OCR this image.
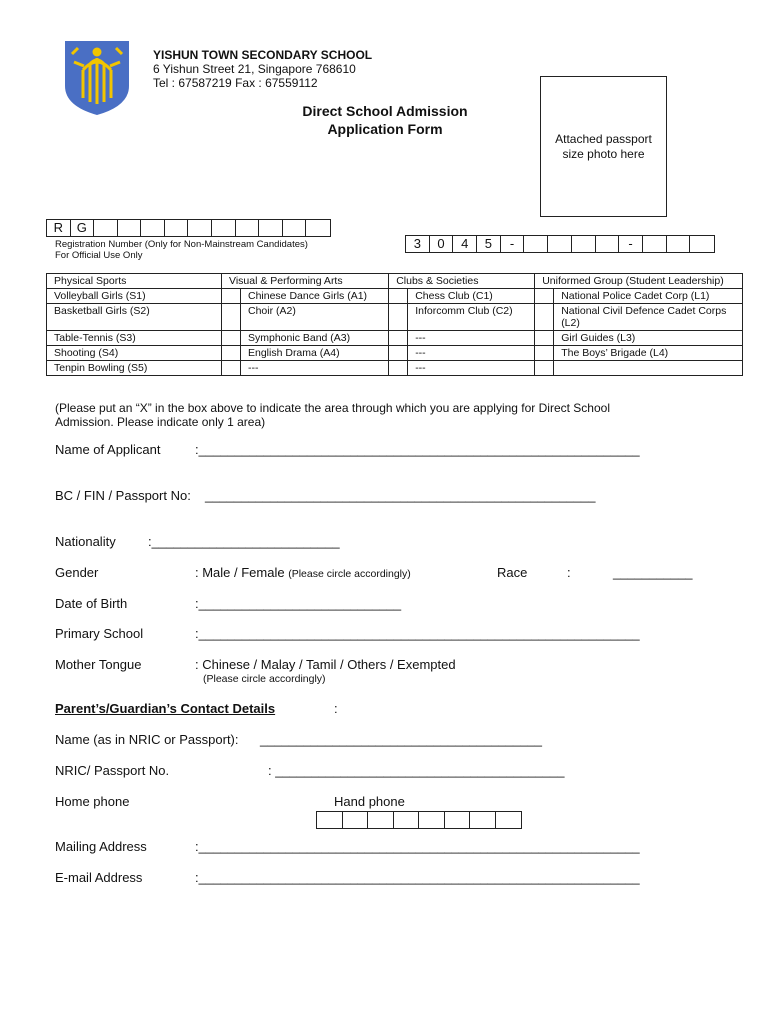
YISHUN TOWN SECONDARY SCHOOL
6 Yishun Street 21, Singapore 768610
Tel : 67587219 Fax : 67559112
Direct School Admission
Application Form
Attached passport
size photo here
R	G
Registration Number (Only for Non-Mainstream Candidates)
For Official Use Only
3	0	4	5	-	-
Physical Sports	Visual & Performing Arts		Clubs & Societies		Uniformed Group (Student Leadership)	
Volleyball Girls (S1)		Chinese Dance Girls (A1)		Chess Club (C1)		National Police Cadet Corp (L1)
Basketball Girls (S2)		Choir (A2)		Inforcomm Club (C2)		National Civil Defence Cadet Corps (L2)
Table-Tennis (S3)		Symphonic Band (A3)		---		Girl Guides (L3)
Shooting (S4)		English Drama (A4)		---		The Boys’ Brigade (L4)
Tenpin Bowling (S5)		---		---		
(Please put an “X” in the box above to indicate the area through which you are applying for Direct School
Admission. Please indicate only 1 area)
Name of Applicant	:_____________________________________________________________
BC / FIN / Passport No: ______________________________________________________
Nationality :__________________________
Gender	: Male / Female (Please circle accordingly)	Race	:	___________
Date of Birth	:____________________________
Primary School	:_____________________________________________________________
Mother Tongue	: Chinese / Malay / Tamil / Others / Exempted
(Please circle accordingly)
Parent’s/Guardian’s Contact Details	:
Name (as in NRIC or Passport): _______________________________________
NRIC/ Passport No.	: ________________________________________
Home phone	Hand phone
Mailing Address	:_____________________________________________________________
E-mail Address	:_____________________________________________________________
